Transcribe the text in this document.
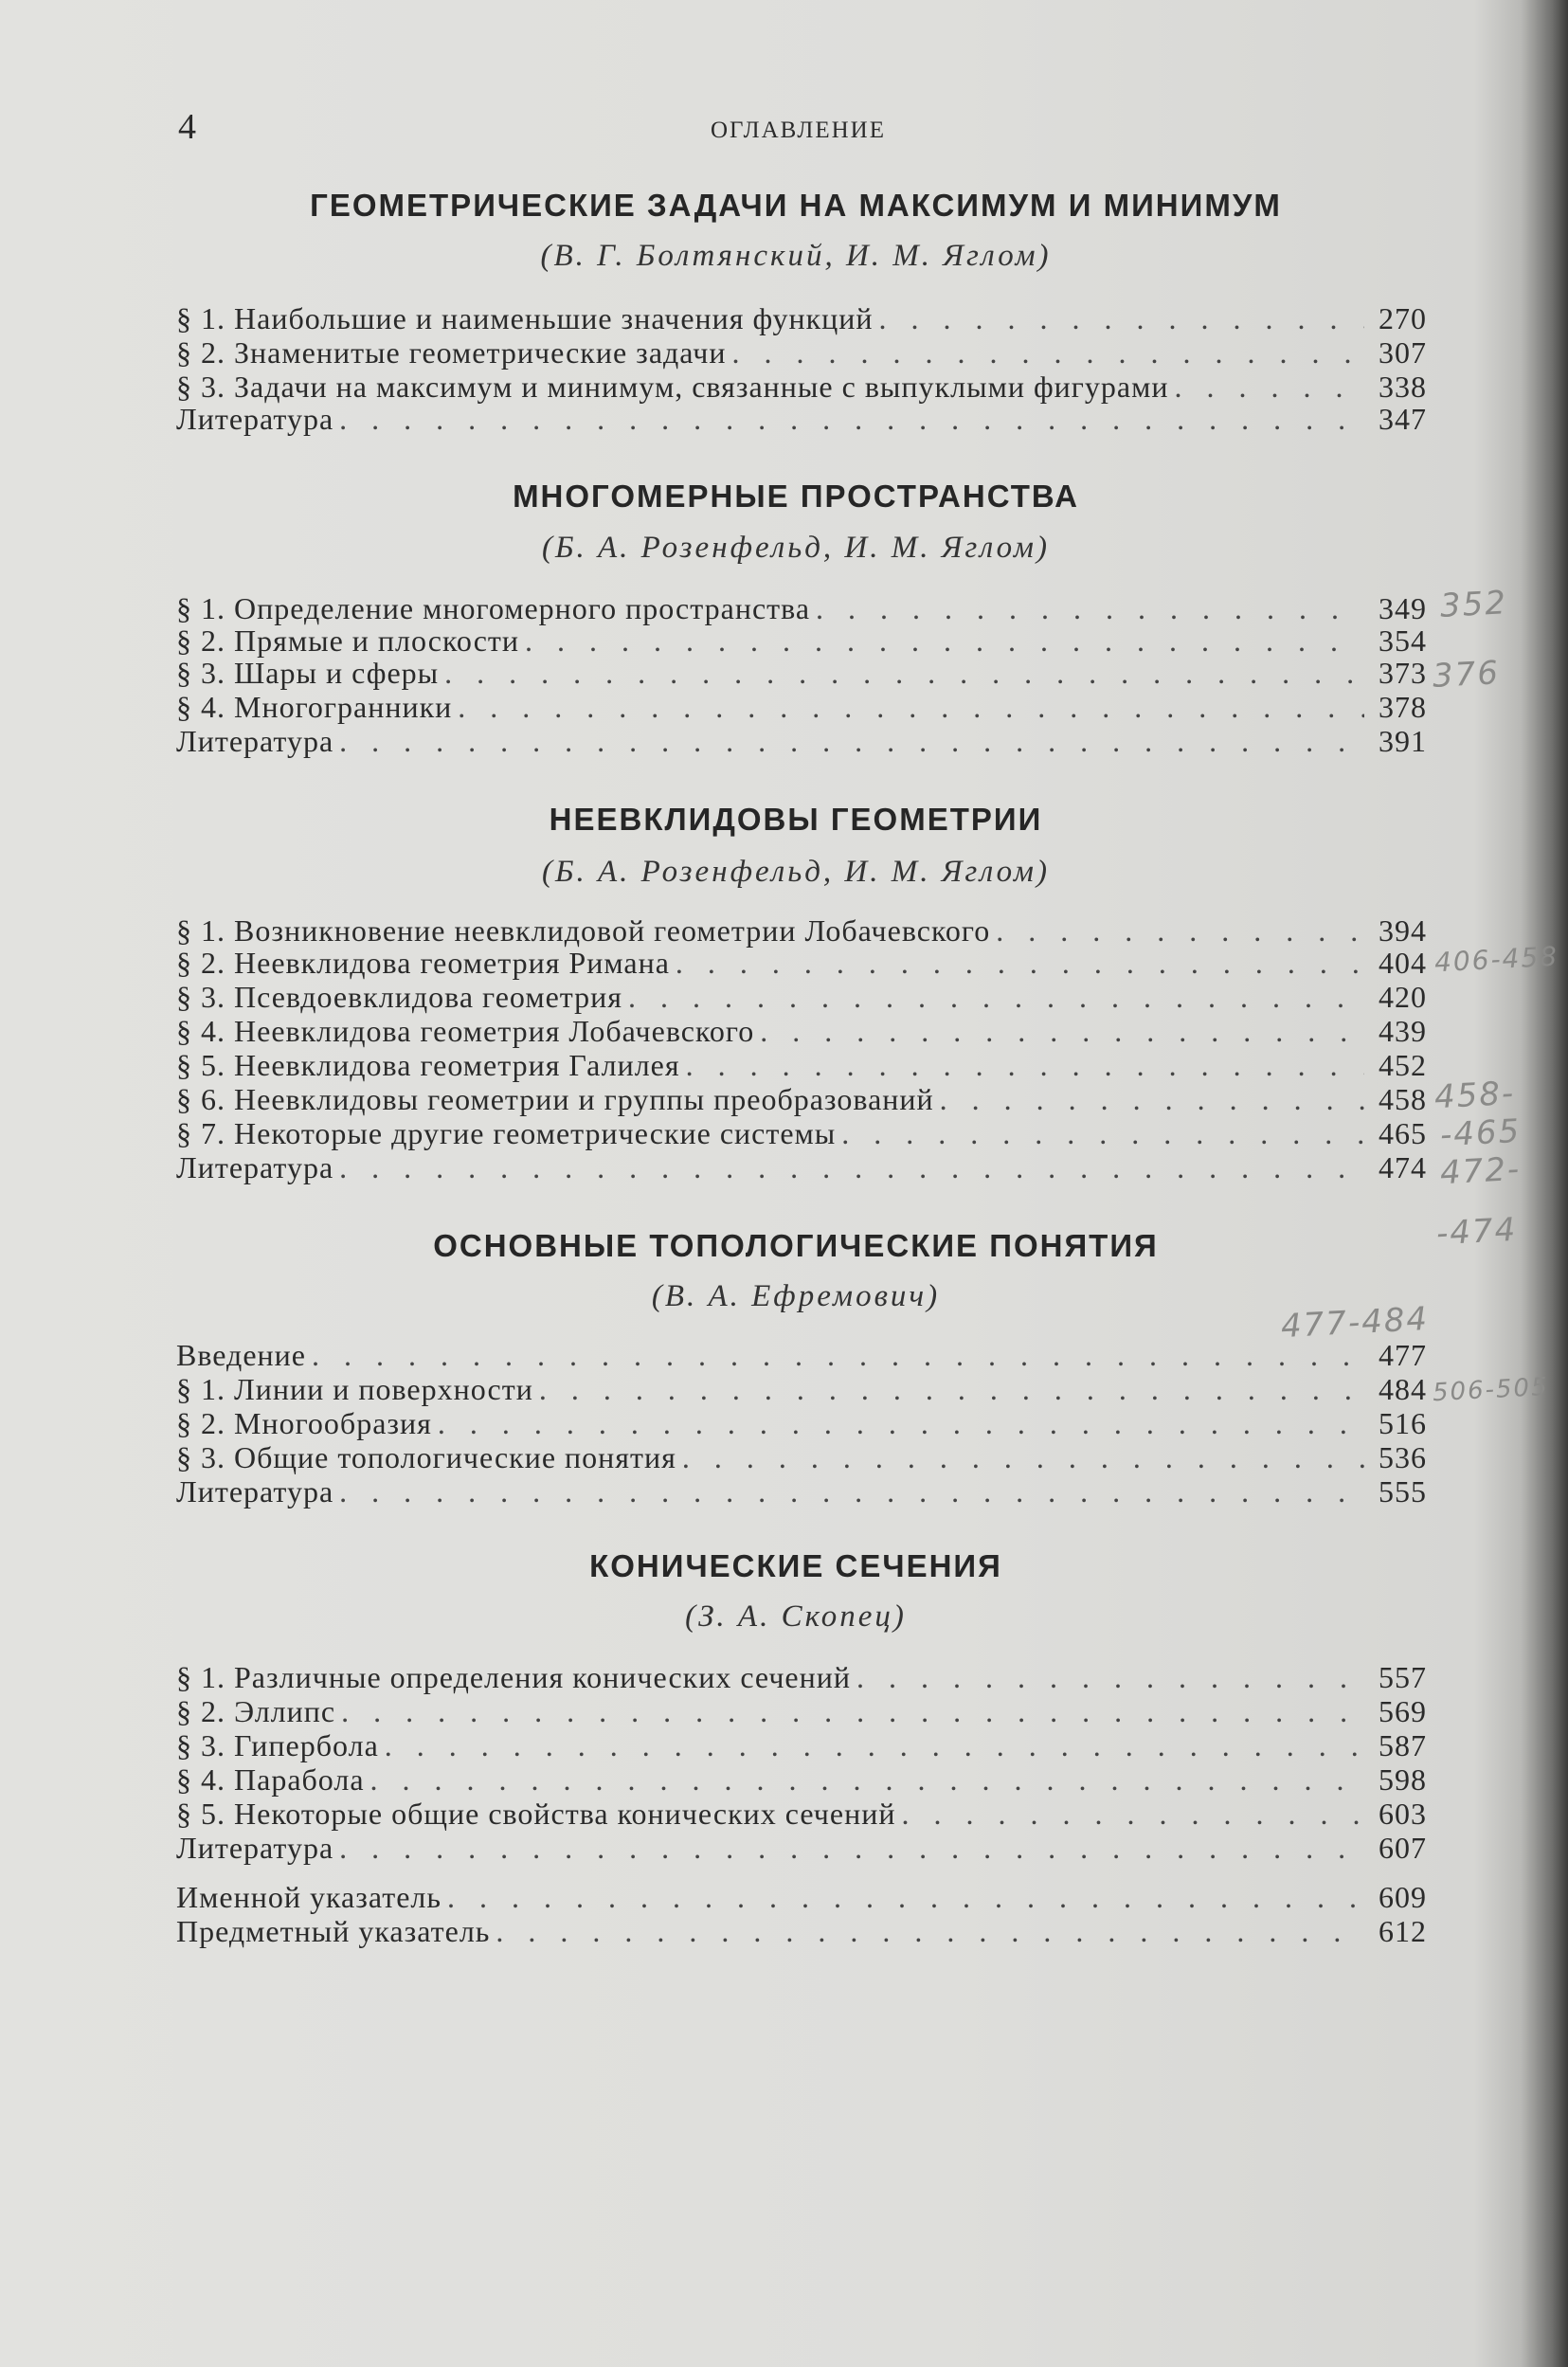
4	ОГЛАВЛЕНИЕ
ГЕОМЕТРИЧЕСКИЕ ЗАДАЧИ НА МАКСИМУМ И МИНИМУМ
(В. Г. Болтянский, И. М. Яглом)
§ 1. Наибольшие и наименьшие значения функций . . .	270
§ 2. Знаменитые геометрические задачи . . .	307
§ 3. Задачи на максимум и минимум, связанные с выпуклыми фигурами . . .	338
Литература . . .	347
МНОГОМЕРНЫЕ ПРОСТРАНСТВА
(Б. А. Розенфельд, И. М. Яглом)
§ 1. Определение многомерного пространства . . .	349
§ 2. Прямые и плоскости . . .	354
§ 3. Шары и сферы . . .	373
§ 4. Многогранники . . .	378
Литература . . .	391
НЕЕВКЛИДОВЫ ГЕОМЕТРИИ
(Б. А. Розенфельд, И. М. Яглом)
§ 1. Возникновение неевклидовой геометрии Лобачевского . . .	394
§ 2. Неевклидова геометрия Римана . . .	404
§ 3. Псевдоевклидова геометрия . . .	420
§ 4. Неевклидова геометрия Лобачевского . . .	439
§ 5. Неевклидова геометрия Галилея . . .	452
§ 6. Неевклидовы геометрии и группы преобразований . . .	458
§ 7. Некоторые другие геометрические системы . . .	465
Литература . . .	474
ОСНОВНЫЕ ТОПОЛОГИЧЕСКИЕ ПОНЯТИЯ
(В. А. Ефремович)
Введение . . .	477
§ 1. Линии и поверхности . . .	484
§ 2. Многообразия . . .	516
§ 3. Общие топологические понятия . . .	536
Литература . . .	555
КОНИЧЕСКИЕ СЕЧЕНИЯ
(З. А. Скопец)
§ 1. Различные определения конических сечений . . .	557
§ 2. Эллипс . . .	569
§ 3. Гипербола . . .	587
§ 4. Парабола . . .	598
§ 5. Некоторые общие свойства конических сечений . . .	603
Литература . . .	607
Именной указатель . . .	609
Предметный указатель . . .	612
352
376
406-458
458-
-465
472-
-474
477-484
506-505
